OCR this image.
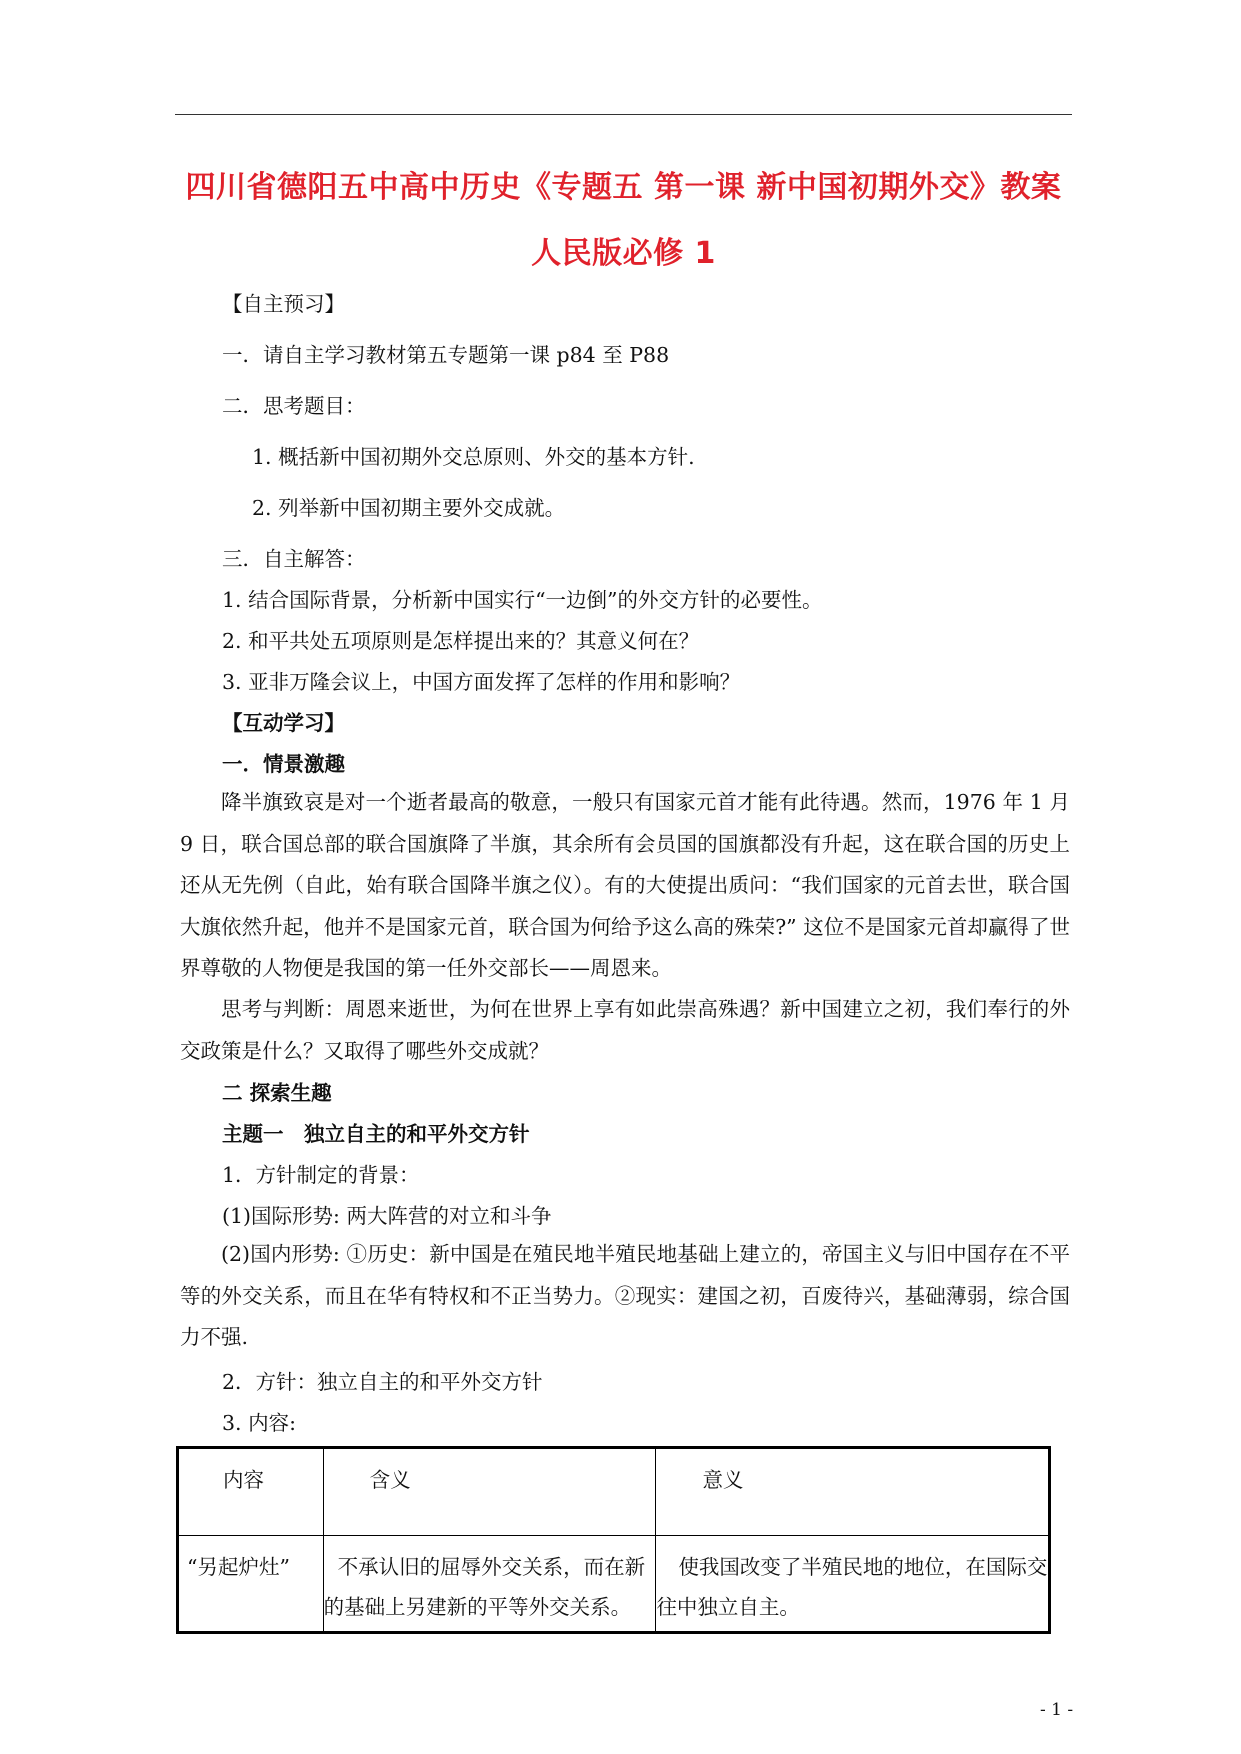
四川省德阳五中高中历史《专题五 第一课 新中国初期外交》教案
人民版必修 1
【自主预习】
一．请自主学习教材第五专题第一课 p84 至 P88
二．思考题目：
1. 概括新中国初期外交总原则、外交的基本方针.
2. 列举新中国初期主要外交成就。
三．自主解答：
1. 结合国际背景，分析新中国实行“一边倒”的外交方针的必要性。
2. 和平共处五项原则是怎样提出来的？其意义何在？
3. 亚非万隆会议上，中国方面发挥了怎样的作用和影响？
【互动学习】
一．情景激趣
降半旗致哀是对一个逝者最高的敬意，一般只有国家元首才能有此待遇。然而，1976 年 1 月 9 日，联合国总部的联合国旗降了半旗，其余所有会员国的国旗都没有升起，这在联合国的历史上还从无先例（自此，始有联合国降半旗之仪）。有的大使提出质问：“我们国家的元首去世，联合国大旗依然升起，他并不是国家元首，联合国为何给予这么高的殊荣?” 这位不是国家元首却赢得了世界尊敬的人物便是我国的第一任外交部长——周恩来。
思考与判断：周恩来逝世，为何在世界上享有如此崇高殊遇？新中国建立之初，我们奉行的外交政策是什么？又取得了哪些外交成就？
二 探索生趣
主题一　独立自主的和平外交方针
1．方针制定的背景：
(1)国际形势: 两大阵营的对立和斗争
(2)国内形势: ①历史：新中国是在殖民地半殖民地基础上建立的，帝国主义与旧中国存在不平等的外交关系，而且在华有特权和不正当势力。②现实：建国之初，百废待兴，基础薄弱，综合国力不强.
2．方针：独立自主的和平外交方针
3. 内容:
内容	含义	意义
“另起炉灶”	不承认旧的屈辱外交关系，而在新的基础上另建新的平等外交关系。	使我国改变了半殖民地的地位，在国际交往中独立自主。
- 1 -
